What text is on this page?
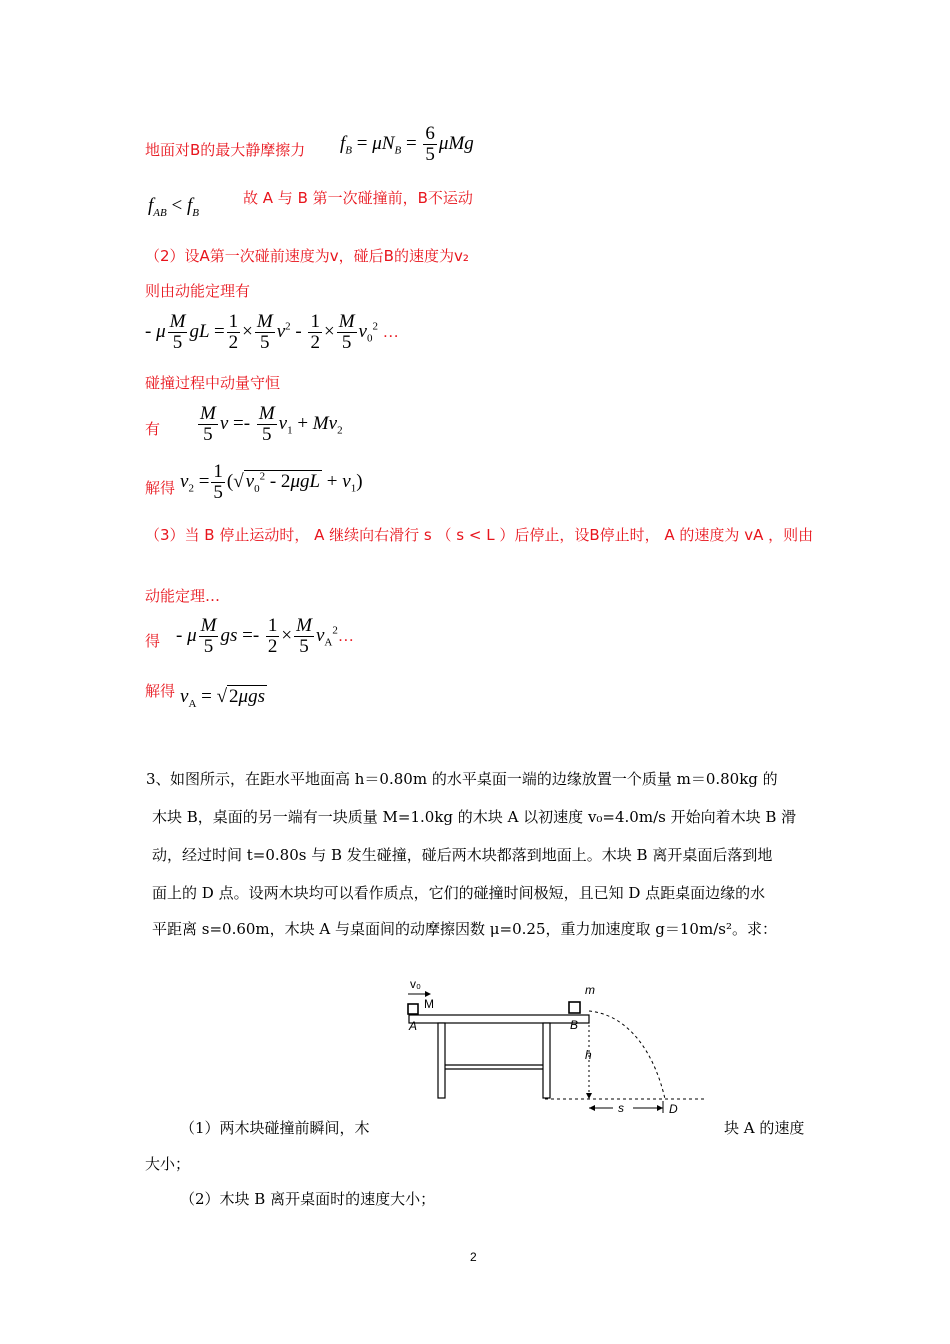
地面对B的最大静摩擦力 $f_B = \mu N_B = \frac{6}{5}$ μMg
$f_{AB} < f_B$
故 A 与 B 第一次碰撞前，B不运动
（2）设A第一次碰前速度为v，碰后B的速度为v₂
则由动能定理有
- μ $\frac{M}{5}$ gL = $\frac{1}{2} \times \frac{M}{5} v^2 - \frac{1}{2} \times \frac{M}{5} v_0^2$ …
碰撞过程中动量守恒
有 $\frac{M}{5}$ $v =- \frac{M}{5} v_1 + Mv_2$
解得 $v_2 = \frac{1}{5}$ (√ $v_0^2 - 2\mu gL + v_1$)
（3）当 B 停止运动时， A 继续向右滑行 s （ s < L ）后停止，设B停止时， A 的速度为 vA ，则由
动能定理…
得 - μ $\frac{M}{5}$ gs =- $\frac{1}{2} \times \frac{M}{5}$ $v_A^2\dots$
解得 $v_A$ = √ 2μgs
3、 如图所示，在距水平地面高 h＝0.80m 的水平桌面一端的边缘放置一个质量 m＝0.80kg 的
木块 B，桌面的另一端有一块质量 M=1.0kg 的木块 A 以初速度 v₀=4.0m/s 开始向着木块 B 滑
动，经过时间 t=0.80s 与 B 发生碰撞，碰后两木块都落到地面上。木块 B 离开桌面后落到地
面上的 D 点。设两木块均可以看作质点，它们的碰撞时间极短，且已知 D 点距桌面边缘的水
平距离 s=0.60m，木块 A 与桌面间的动摩擦因数 μ=0.25，重力加速度取 g＝10m/s²。求：
v₀
M
A	B
m
h
s	D
（1）两木块碰撞前瞬间，木	块 A 的速度
大小；
（2）木块 B 离开桌面时的速度大小；
2
